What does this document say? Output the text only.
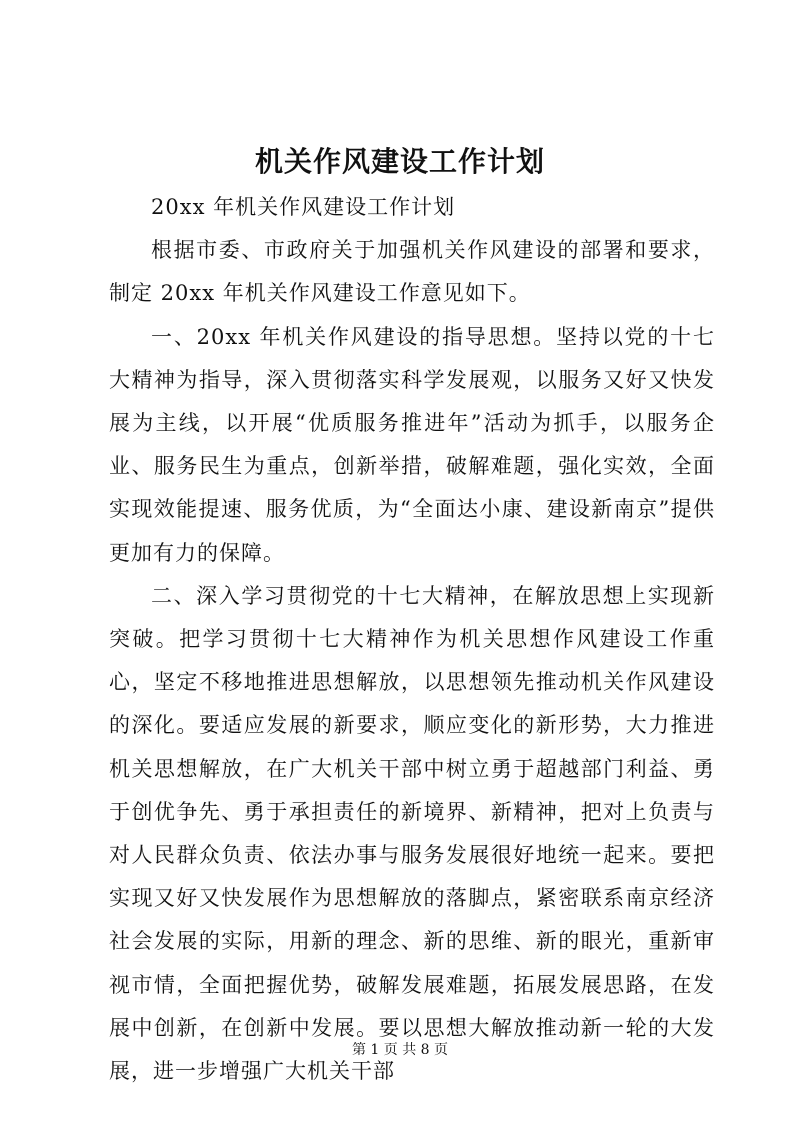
机关作风建设工作计划

20xx 年机关作风建设工作计划

根据市委、市政府关于加强机关作风建设的部署和要求，制定 20xx 年机关作风建设工作意见如下。

一、20xx 年机关作风建设的指导思想。坚持以党的十七大精神为指导，深入贯彻落实科学发展观，以服务又好又快发展为主线，以开展“优质服务推进年”活动为抓手，以服务企业、服务民生为重点，创新举措，破解难题，强化实效，全面实现效能提速、服务优质，为“全面达小康、建设新南京”提供更加有力的保障。

二、深入学习贯彻党的十七大精神，在解放思想上实现新突破。把学习贯彻十七大精神作为机关思想作风建设工作重心，坚定不移地推进思想解放，以思想领先推动机关作风建设的深化。要适应发展的新要求，顺应变化的新形势，大力推进机关思想解放，在广大机关干部中树立勇于超越部门利益、勇于创优争先、勇于承担责任的新境界、新精神，把对上负责与对人民群众负责、依法办事与服务发展很好地统一起来。要把实现又好又快发展作为思想解放的落脚点，紧密联系南京经济社会发展的实际，用新的理念、新的思维、新的眼光，重新审视市情，全面把握优势，破解发展难题，拓展发展思路，在发展中创新，在创新中发展。要以思想大解放推动新一轮的大发展，进一步增强广大机关干部

第 1 页 共 8 页
